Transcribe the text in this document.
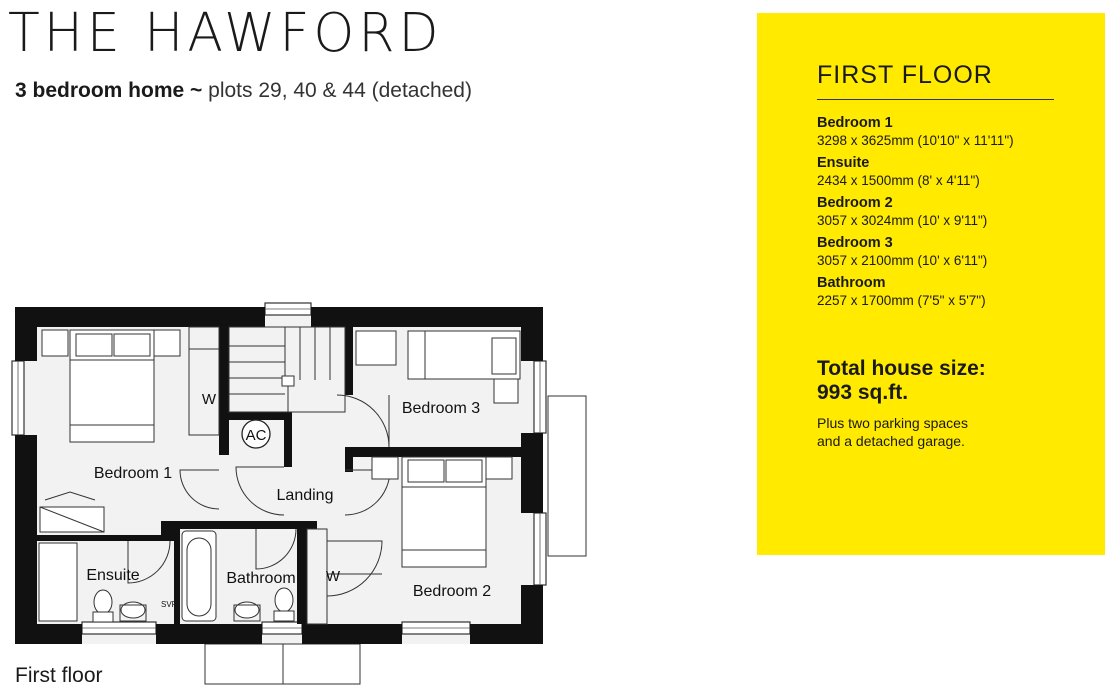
THE HAWFORD

3 bedroom home ~ plots 29, 40 & 44 (detached)

FIRST FLOOR
Bedroom 1
3298 x 3625mm (10'10" x 11'11")
Ensuite
2434 x 1500mm (8' x 4'11")
Bedroom 2
3057 x 3024mm (10' x 9'11")
Bedroom 3
3057 x 2100mm (10' x 6'11")
Bathroom
2257 x 1700mm (7'5" x 5'7")
Total house size:
993 sq.ft.
Plus two parking spaces
and a detached garage.
Bedroom 1
Bedroom 3
Landing
Bedroom 2
Ensuite	Bathroom
AC
W
W
SVP

First floor
